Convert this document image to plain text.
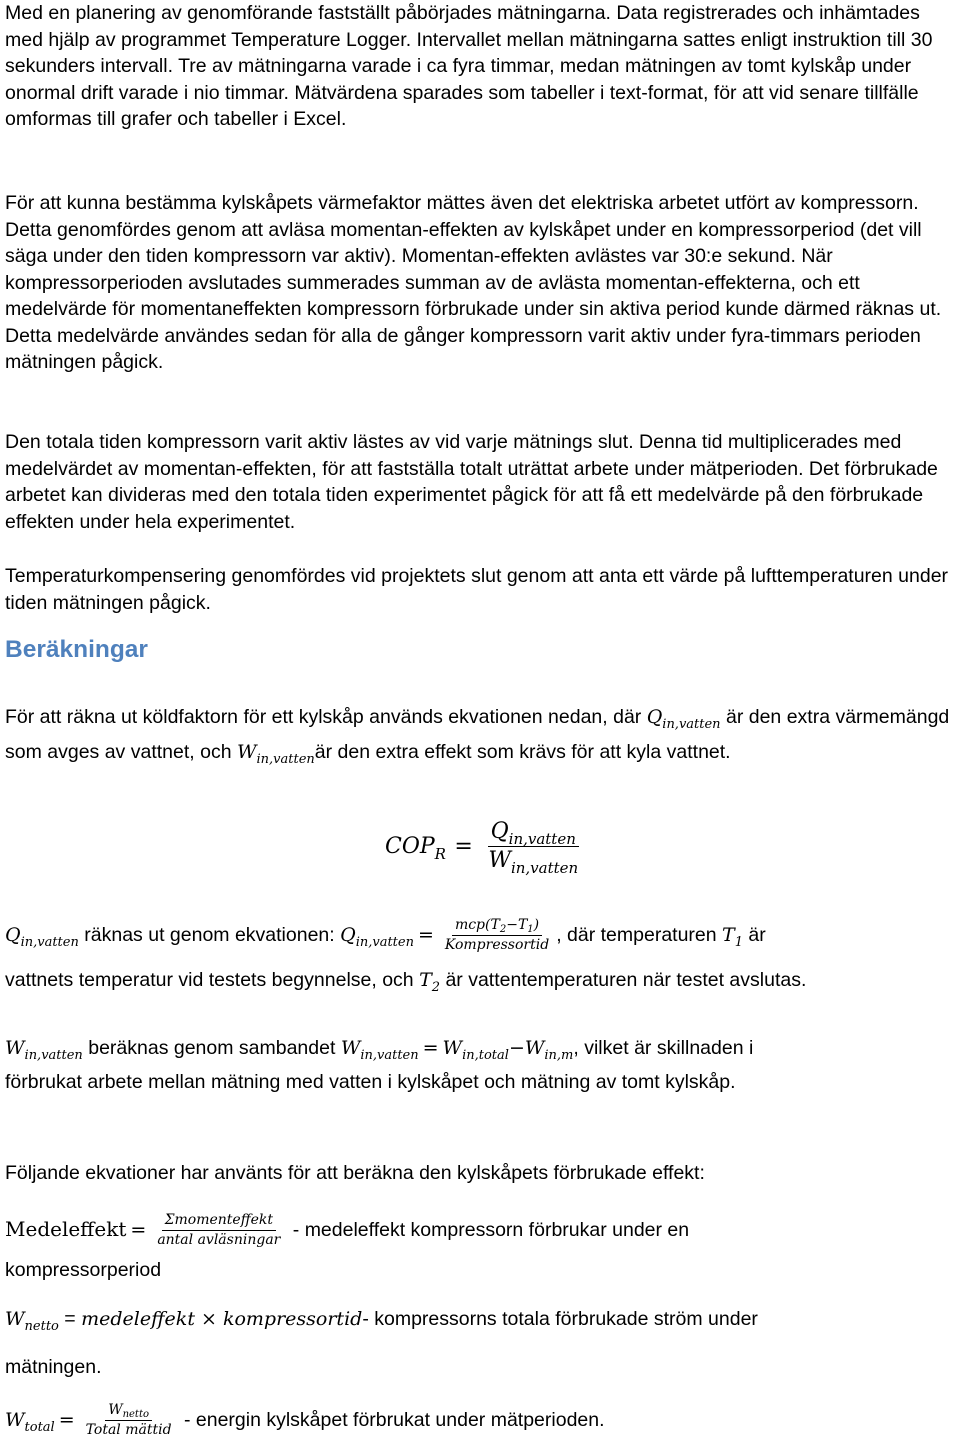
Med en planering av genomförande fastställt påbörjades mätningarna. Data registrerades och inhämtades med hjälp av programmet Temperature Logger. Intervallet mellan mätningarna sattes enligt instruktion till 30 sekunders intervall. Tre av mätningarna varade i ca fyra timmar, medan mätningen av tomt kylskåp under onormal drift varade i nio timmar. Mätvärdena sparades som tabeller i text-format, för att vid senare tillfälle omformas till grafer och tabeller i Excel.

För att kunna bestämma kylskåpets värmefaktor mättes även det elektriska arbetet utfört av kompressorn. Detta genomfördes genom att avläsa momentan-effekten av kylskåpet under en kompressorperiod (det vill säga under den tiden kompressorn var aktiv). Momentan-effekten avlästes var 30:e sekund. När kompressorperioden avslutades summerades summan av de avlästa momentan-effekterna, och ett medelvärde för momentaneffekten kompressorn förbrukade under sin aktiva period kunde därmed räknas ut. Detta medelvärde användes sedan för alla de gånger kompressorn varit aktiv under fyra-timmars perioden mätningen pågick.

Den totala tiden kompressorn varit aktiv lästes av vid varje mätnings slut. Denna tid multiplicerades med medelvärdet av momentan-effekten, för att fastställa totalt uträttat arbete under mätperioden. Det förbrukade arbetet kan divideras med den totala tiden experimentet pågick för att få ett medelvärde på den förbrukade effekten under hela experimentet.

Temperaturkompensering genomfördes vid projektets slut genom att anta ett värde på lufttemperaturen under tiden mätningen pågick.

Beräkningar
För att räkna ut köldfaktorn för ett kylskåp används ekvationen nedan, där $Q_{in,vatten}$ är den extra värmemängd som avges av vattnet, och $W_{in,vatten}är$ den extra effekt som krävs för att kyla vattnet.
$COP_R = \frac{Q_{in,vatten}}{W_{in,vatten}}$
$Q_{in,vatten}$ räknas ut genom ekvationen: $Q_{in,vatten} = \frac{mcp(T_2-T_1)}{\text{Kompressortid}}$ , där temperaturen $T_1$ är
vattnets temperatur vid testets begynnelse, och $T_2$ är vattentemperaturen när testet avslutas.
$W_{in,vatten}$ beräknas genom sambandet $W_{in,vatten} = W_{in,total}-W_{in,m}$, vilket är skillnaden i
förbrukat arbete mellan mätning med vatten i kylskåpet och mätning av tomt kylskåp.
Följande ekvationer har använts för att beräkna den kylskåpets förbrukade effekt:
Medeleffekt = $\frac{\text{Σmomenteffekt}}{\text{antal avläsningar}}$ - medeleffekt kompressorn förbrukar under en
kompressorperiod
$W_{netto}$ = medeleffekt × kompressortid- kompressorns totala förbrukade ström under
mätningen.
$W_{total} = \frac{W_{netto}}{\text{Total mättid}}$ - energin kylskåpet förbrukat under mätperioden.
